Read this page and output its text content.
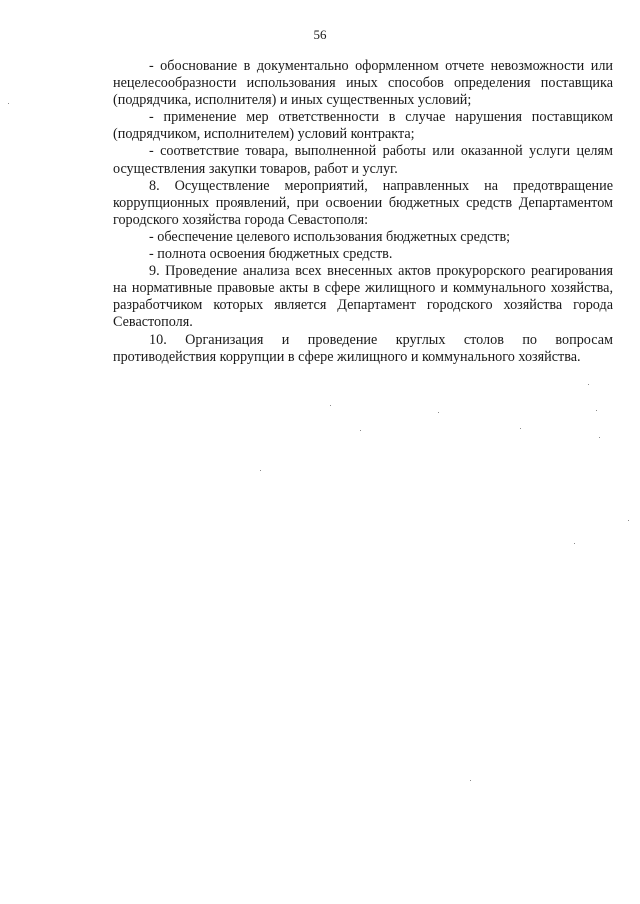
56

- обоснование в документально оформленном отчете невозможности или нецелесообразности использования иных способов определения поставщика (подрядчика, исполнителя) и иных существенных условий;

- применение мер ответственности в случае нарушения поставщиком (подрядчиком, исполнителем) условий контракта;

- соответствие товара, выполненной работы или оказанной услуги целям осуществления закупки товаров, работ и услуг.

8. Осуществление мероприятий, направленных на предотвращение коррупционных проявлений, при освоении бюджетных средств Департаментом городского хозяйства города Севастополя:

- обеспечение целевого использования бюджетных средств;

- полнота освоения бюджетных средств.

9. Проведение анализа всех внесенных актов прокурорского реагирования на нормативные правовые акты в сфере жилищного и коммунального хозяйства, разработчиком которых является Департамент городского хозяйства города Севастополя.

10. Организация и проведение круглых столов по вопросам противодействия коррупции в сфере жилищного и коммунального хозяйства.
